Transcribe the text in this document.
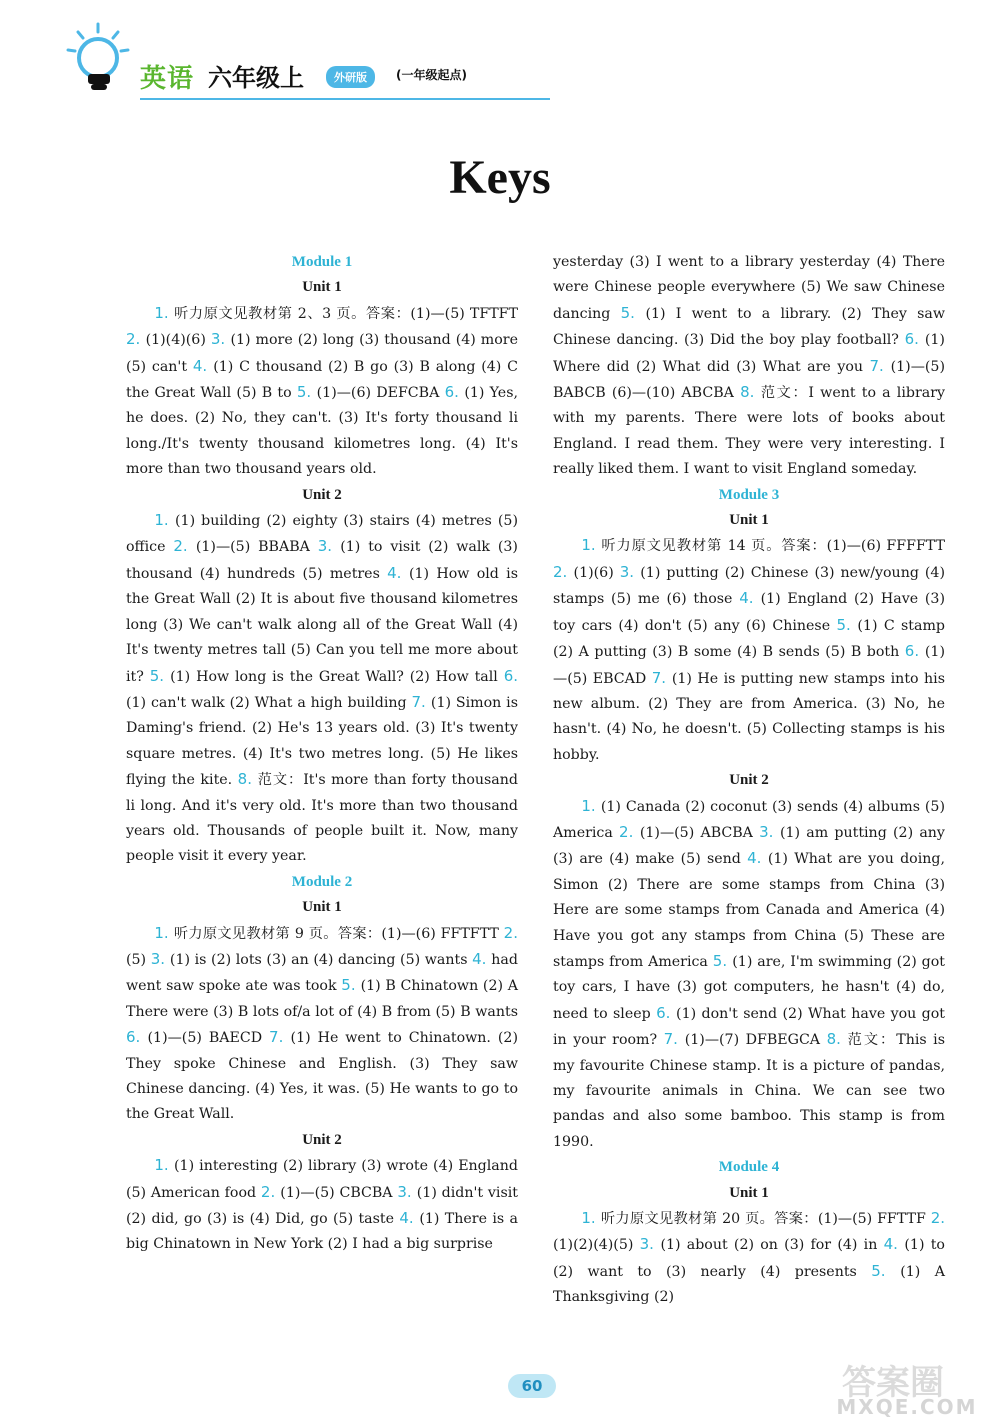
英语 六年级上	外研版	(一年级起点)
Keys
Module 1
Unit 1

1. 听力原文见教材第 2、3 页。答案：(1)—(5) TFTFT 2. (1)(4)(6) 3. (1) more (2) long (3) thousand (4) more (5) can't 4. (1) C thousand (2) B go (3) B along (4) C the Great Wall (5) B to 5. (1)—(6) DEFCBA 6. (1) Yes, he does. (2) No, they can't. (3) It's forty thousand li long./It's twenty thousand kilometres long. (4) It's more than two thousand years old.

Unit 2

1. (1) building (2) eighty (3) stairs (4) metres (5) office 2. (1)—(5) BBABA 3. (1) to visit (2) walk (3) thousand (4) hundreds (5) metres 4. (1) How old is the Great Wall (2) It is about five thousand kilometres long (3) We can't walk along all of the Great Wall (4) It's twenty metres tall (5) Can you tell me more about it? 5. (1) How long is the Great Wall? (2) How tall 6. (1) can't walk (2) What a high building 7. (1) Simon is Daming's friend. (2) He's 13 years old. (3) It's twenty square metres. (4) It's two metres long. (5) He likes flying the kite. 8. 范文：It's more than forty thousand li long. And it's very old. It's more than two thousand years old. Thousands of people built it. Now, many people visit it every year.

Module 2
Unit 1

1. 听力原文见教材第 9 页。答案：(1)—(6) FFTFTT 2. (5) 3. (1) is (2) lots (3) an (4) dancing (5) wants 4. had went saw spoke ate was took 5. (1) B Chinatown (2) A There were (3) B lots of/a lot of (4) B from (5) B wants 6. (1)—(5) BAECD 7. (1) He went to Chinatown. (2) They spoke Chinese and English. (3) They saw Chinese dancing. (4) Yes, it was. (5) He wants to go to the Great Wall.

Unit 2

1. (1) interesting (2) library (3) wrote (4) England (5) American food 2. (1)—(5) CBCBA 3. (1) didn't visit (2) did, go (3) is (4) Did, go (5) taste 4. (1) There is a big Chinatown in New York (2) I had a big surprise

yesterday (3) I went to a library yesterday (4) There were Chinese people everywhere (5) We saw Chinese dancing 5. (1) I went to a library. (2) They saw Chinese dancing. (3) Did the boy play football? 6. (1) Where did (2) What did (3) What are you 7. (1)—(5) BABCB (6)—(10) ABCBA 8. 范文：I went to a library with my parents. There were lots of books about England. I read them. They were very interesting. I really liked them. I want to visit England someday.

Module 3
Unit 1

1. 听力原文见教材第 14 页。答案：(1)—(6) FFFFTT 2. (1)(6) 3. (1) putting (2) Chinese (3) new/young (4) stamps (5) me (6) those 4. (1) England (2) Have (3) toy cars (4) don't (5) any (6) Chinese 5. (1) C stamp (2) A putting (3) B some (4) B sends (5) B both 6. (1)—(5) EBCAD 7. (1) He is putting new stamps into his new album. (2) They are from America. (3) No, he hasn't. (4) No, he doesn't. (5) Collecting stamps is his hobby.

Unit 2

1. (1) Canada (2) coconut (3) sends (4) albums (5) America 2. (1)—(5) ABCBA 3. (1) am putting (2) any (3) are (4) make (5) send 4. (1) What are you doing, Simon (2) There are some stamps from China (3) Here are some stamps from Canada and America (4) Have you got any stamps from China (5) These are stamps from America 5. (1) are, I'm swimming (2) got toy cars, I have (3) got computers, he hasn't (4) do, need to sleep 6. (1) don't send (2) What have you got in your room? 7. (1)—(7) DFBEGCA 8. 范文：This is my favourite Chinese stamp. It is a picture of pandas, my favourite animals in China. We can see two pandas and also some bamboo. This stamp is from 1990.

Module 4
Unit 1

1. 听力原文见教材第 20 页。答案：(1)—(5) FFTTF 2. (1)(2)(4)(5) 3. (1) about (2) on (3) for (4) in 4. (1) to (2) want to (3) nearly (4) presents 5. (1) A Thanksgiving (2)

60	答案圈
MXQE.COM
